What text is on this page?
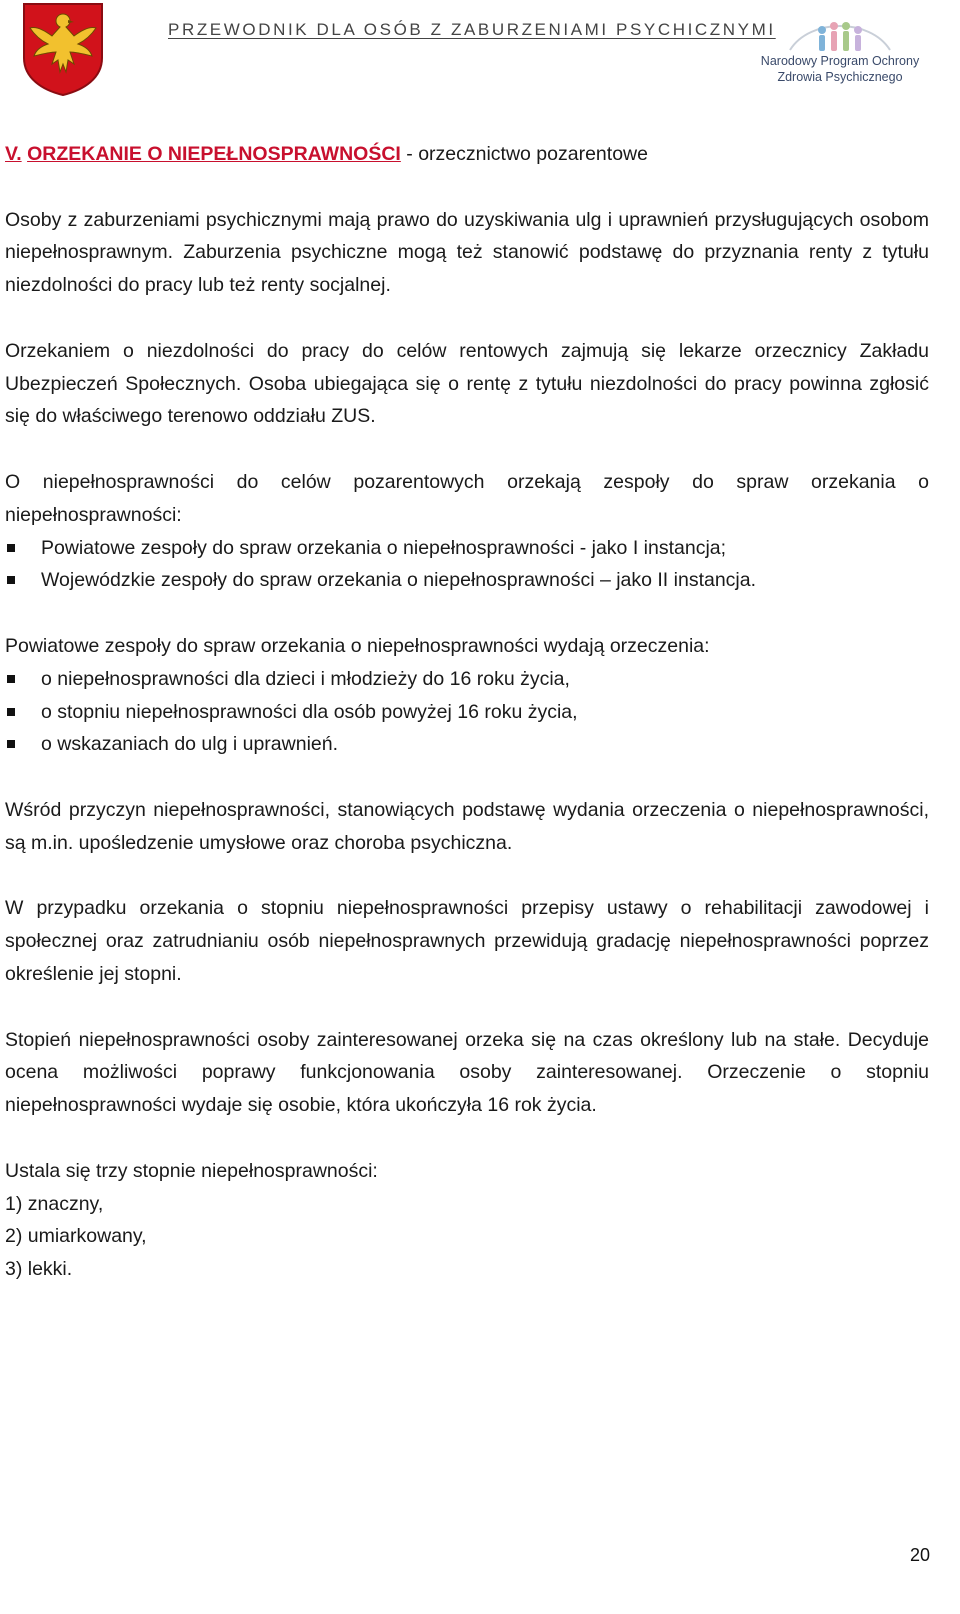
PRZEWODNIK DLA OSÓB Z ZABURZENIAMI PSYCHICZNYMI
Narodowy Program Ochrony
Zdrowia Psychicznego

V. ORZEKANIE O NIEPEŁNOSPRAWNOŚCI - orzecznictwo pozarentowe

Osoby z zaburzeniami psychicznymi mają prawo do uzyskiwania ulg i uprawnień przysługujących osobom niepełnosprawnym. Zaburzenia psychiczne mogą też stanowić podstawę do przyznania renty z tytułu niezdolności do pracy lub też renty socjalnej.

Orzekaniem o niezdolności do pracy do celów rentowych zajmują się lekarze orzecznicy Zakładu Ubezpieczeń Społecznych. Osoba ubiegająca się o rentę z tytułu niezdolności do pracy powinna zgłosić się do właściwego terenowo oddziału ZUS.

O niepełnosprawności do celów pozarentowych orzekają zespoły do spraw orzekania o niepełnosprawności:

Powiatowe zespoły do spraw orzekania o niepełnosprawności - jako I instancja;
Wojewódzkie zespoły do spraw orzekania o niepełnosprawności – jako II instancja.

Powiatowe zespoły do spraw orzekania o niepełnosprawności wydają orzeczenia:

o niepełnosprawności dla dzieci i młodzieży do 16 roku życia,
o stopniu niepełnosprawności dla osób powyżej 16 roku życia,
o wskazaniach do ulg i uprawnień.

Wśród przyczyn niepełnosprawności, stanowiących podstawę wydania orzeczenia o niepełnosprawności, są m.in. upośledzenie umysłowe oraz choroba psychiczna.

W przypadku orzekania o stopniu niepełnosprawności przepisy ustawy o rehabilitacji zawodowej i społecznej oraz zatrudnianiu osób niepełnosprawnych przewidują gradację niepełnosprawności poprzez określenie jej stopni.

Stopień niepełnosprawności osoby zainteresowanej orzeka się na czas określony lub na stałe. Decyduje ocena możliwości poprawy funkcjonowania osoby zainteresowanej. Orzeczenie o stopniu niepełnosprawności wydaje się osobie, która ukończyła 16 rok życia.

Ustala się trzy stopnie niepełnosprawności:

1) znaczny,

2) umiarkowany,

3) lekki.

20
